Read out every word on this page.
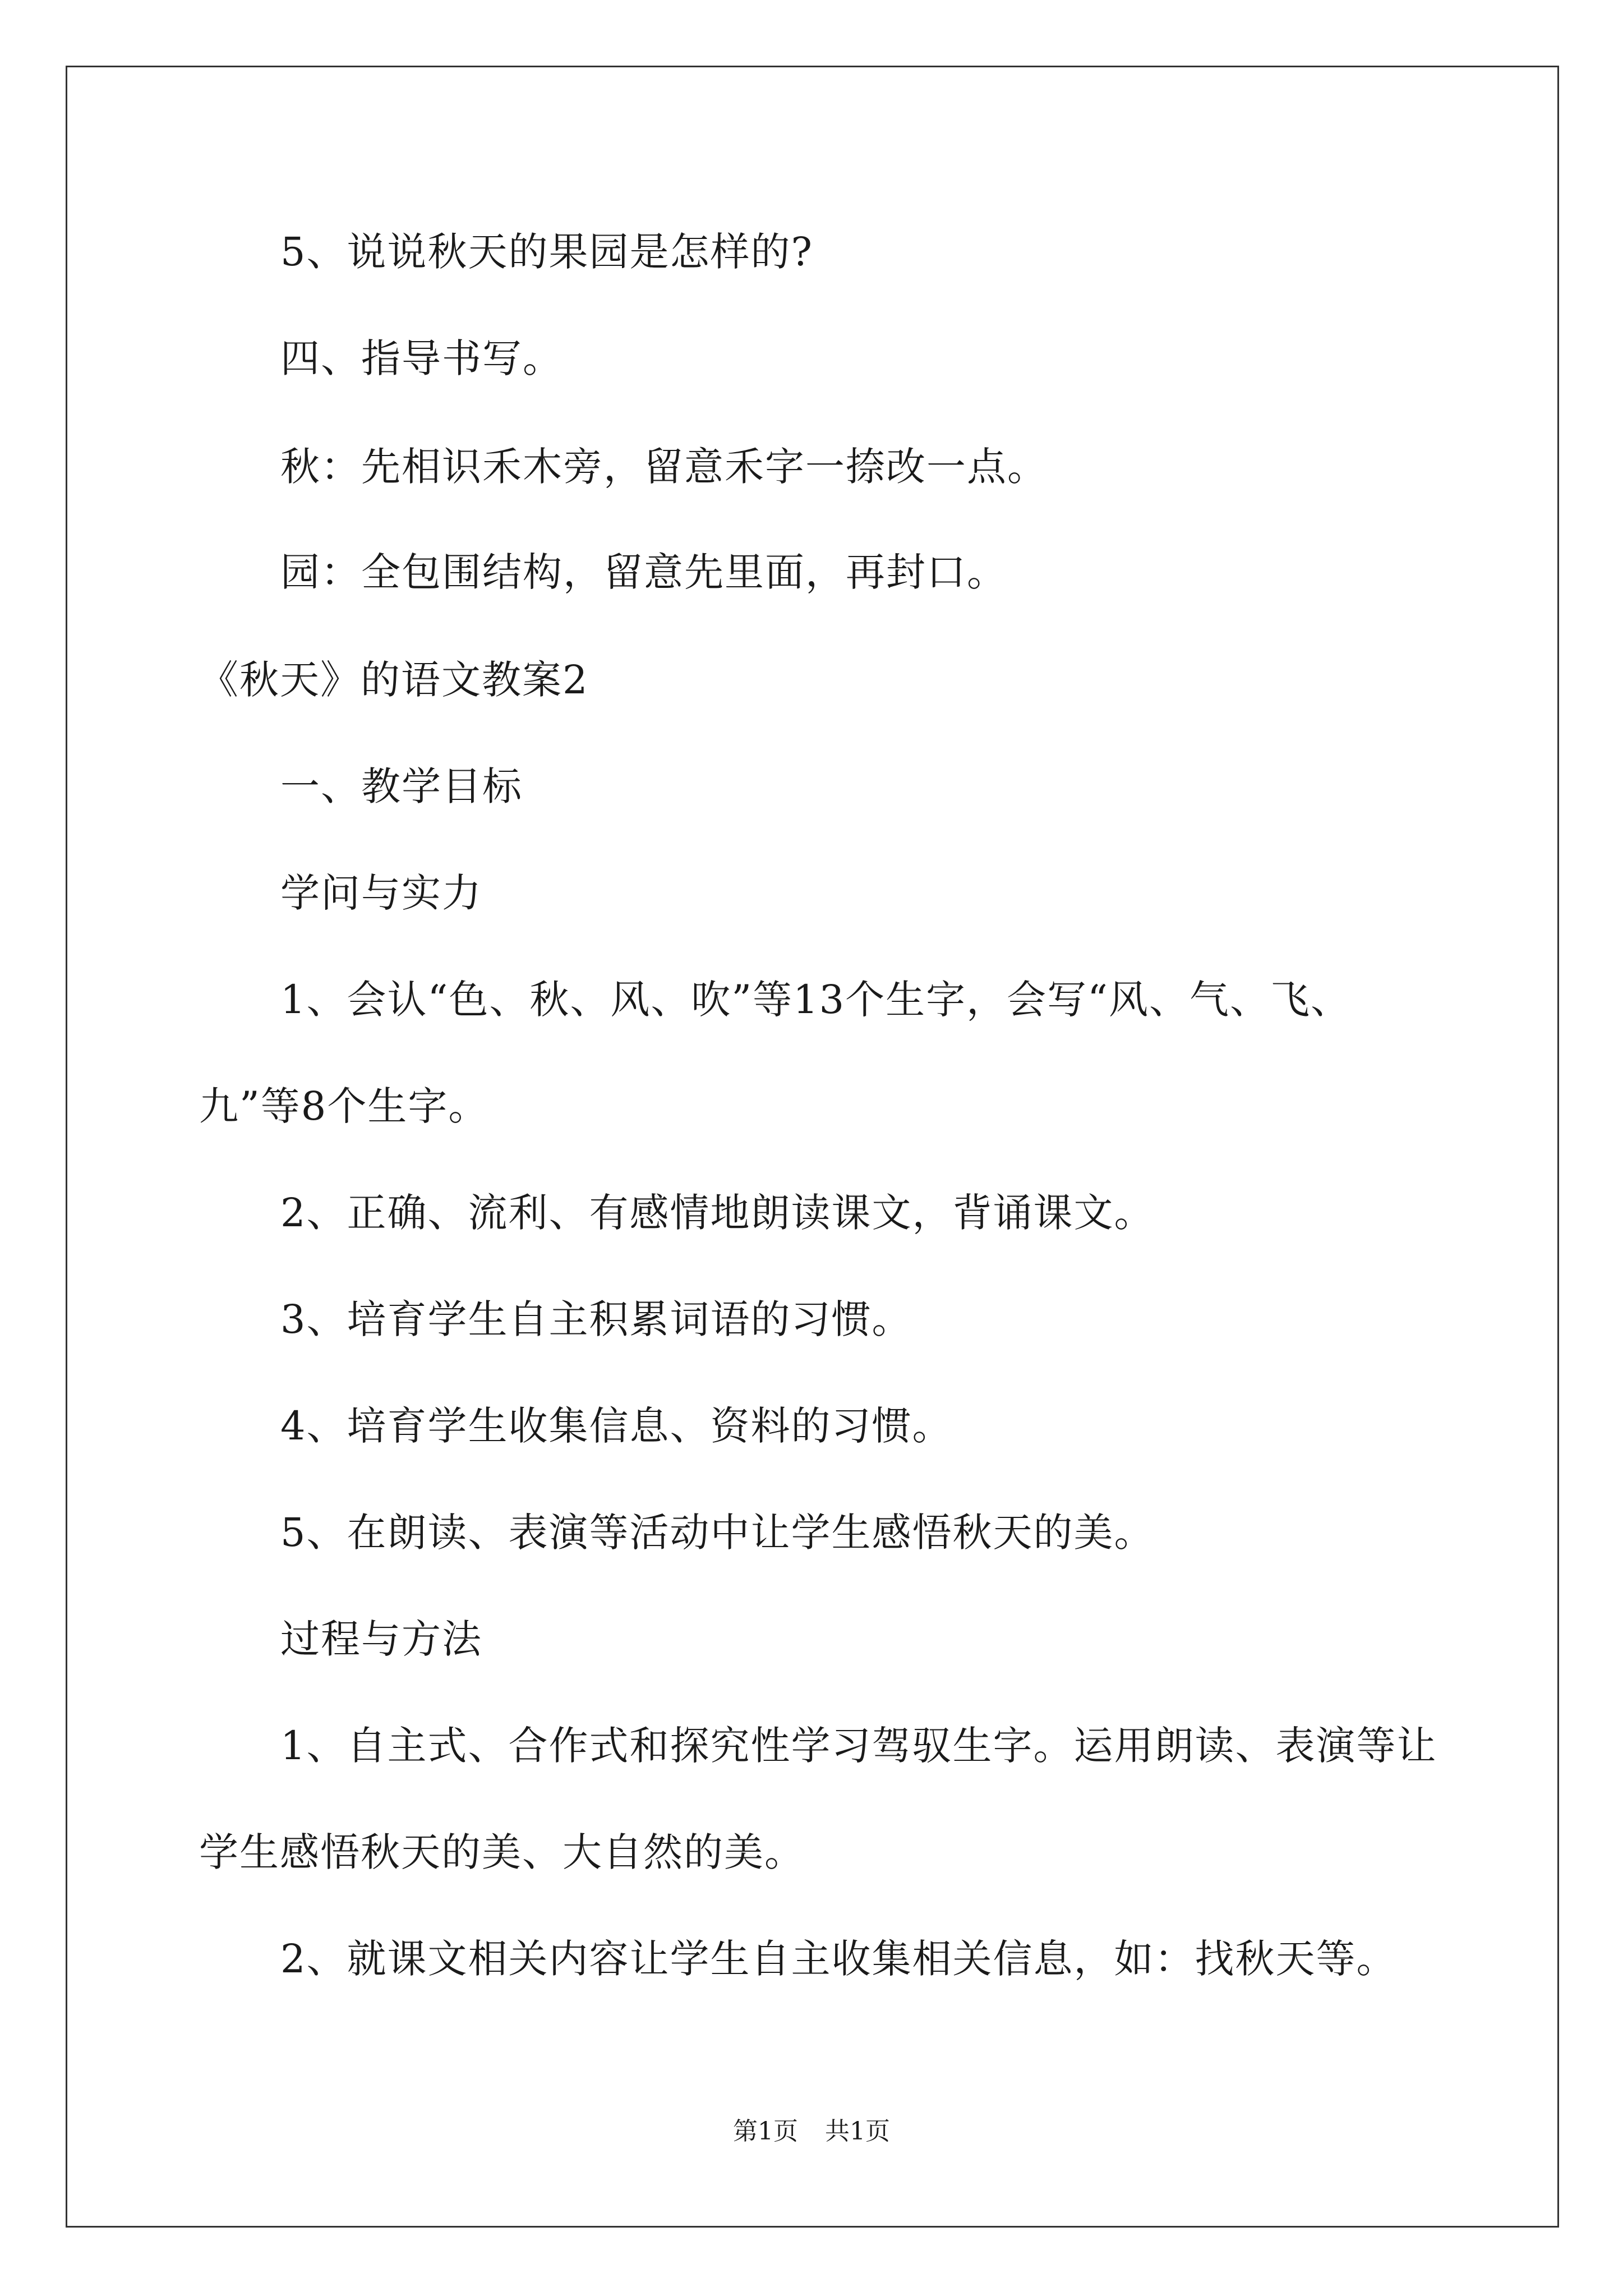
5、说说秋天的果园是怎样的?
四、指导书写。
秋：先相识禾木旁，留意禾字一捺改一点。
园：全包围结构，留意先里面，再封口。
《秋天》的语文教案2
一、教学目标
学问与实力
1、会认“色、秋、风、吹”等13个生字，会写“风、气、飞、
九”等8个生字。
2、正确、流利、有感情地朗读课文，背诵课文。
3、培育学生自主积累词语的习惯。
4、培育学生收集信息、资料的习惯。
5、在朗读、表演等活动中让学生感悟秋天的美。
过程与方法
1、自主式、合作式和探究性学习驾驭生字。运用朗读、表演等让
学生感悟秋天的美、大自然的美。
2、就课文相关内容让学生自主收集相关信息，如：找秋天等。
第1页 共1页
